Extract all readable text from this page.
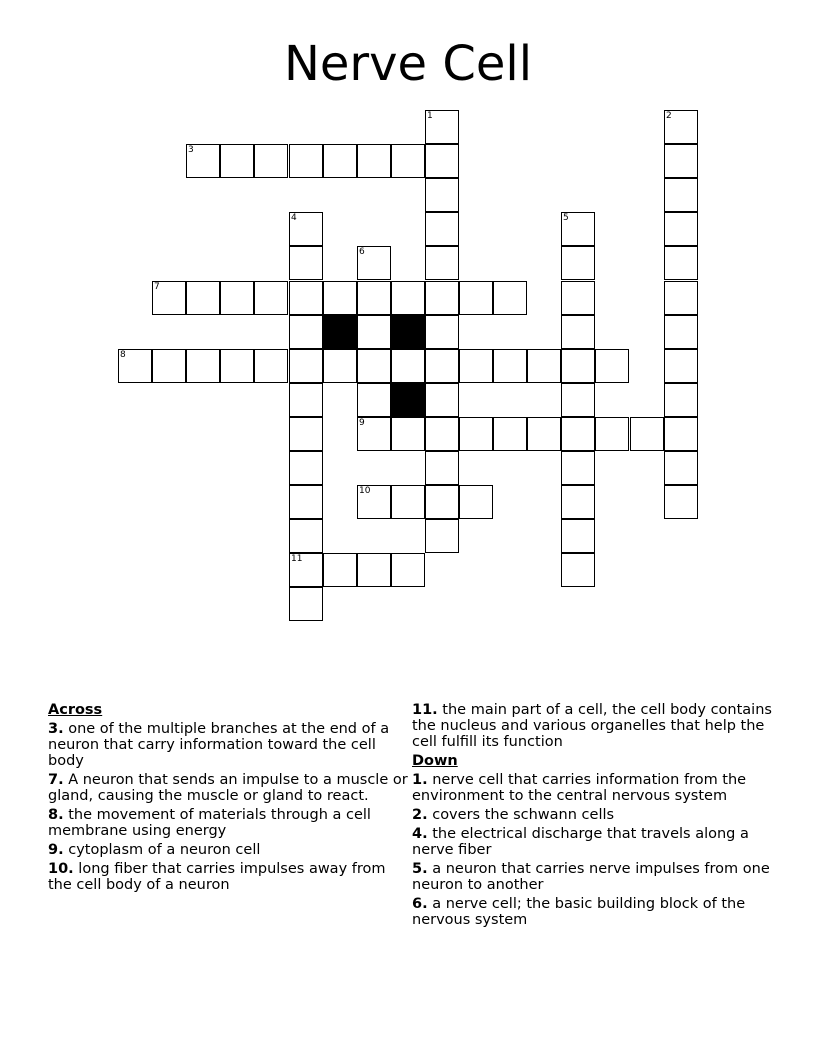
Nerve Cell
1	2
3
4
11
5
6
9
7
8
10
Across
3. one of the multiple branches at the end of a neuron that carry information toward the cell body
7. A neuron that sends an impulse to a muscle or gland, causing the muscle or gland to react.
8. the movement of materials through a cell membrane using energy
9. cytoplasm of a neuron cell
10. long fiber that carries impulses away from the cell body of a neuron
11. the main part of a cell, the cell body contains the nucleus and various organelles that help the cell fulfill its function
Down
1. nerve cell that carries information from the environment to the central nervous system
2. covers the schwann cells
4. the electrical discharge that travels along a nerve fiber
5. a neuron that carries nerve impulses from one neuron to another
6. a nerve cell; the basic building block of the nervous system
